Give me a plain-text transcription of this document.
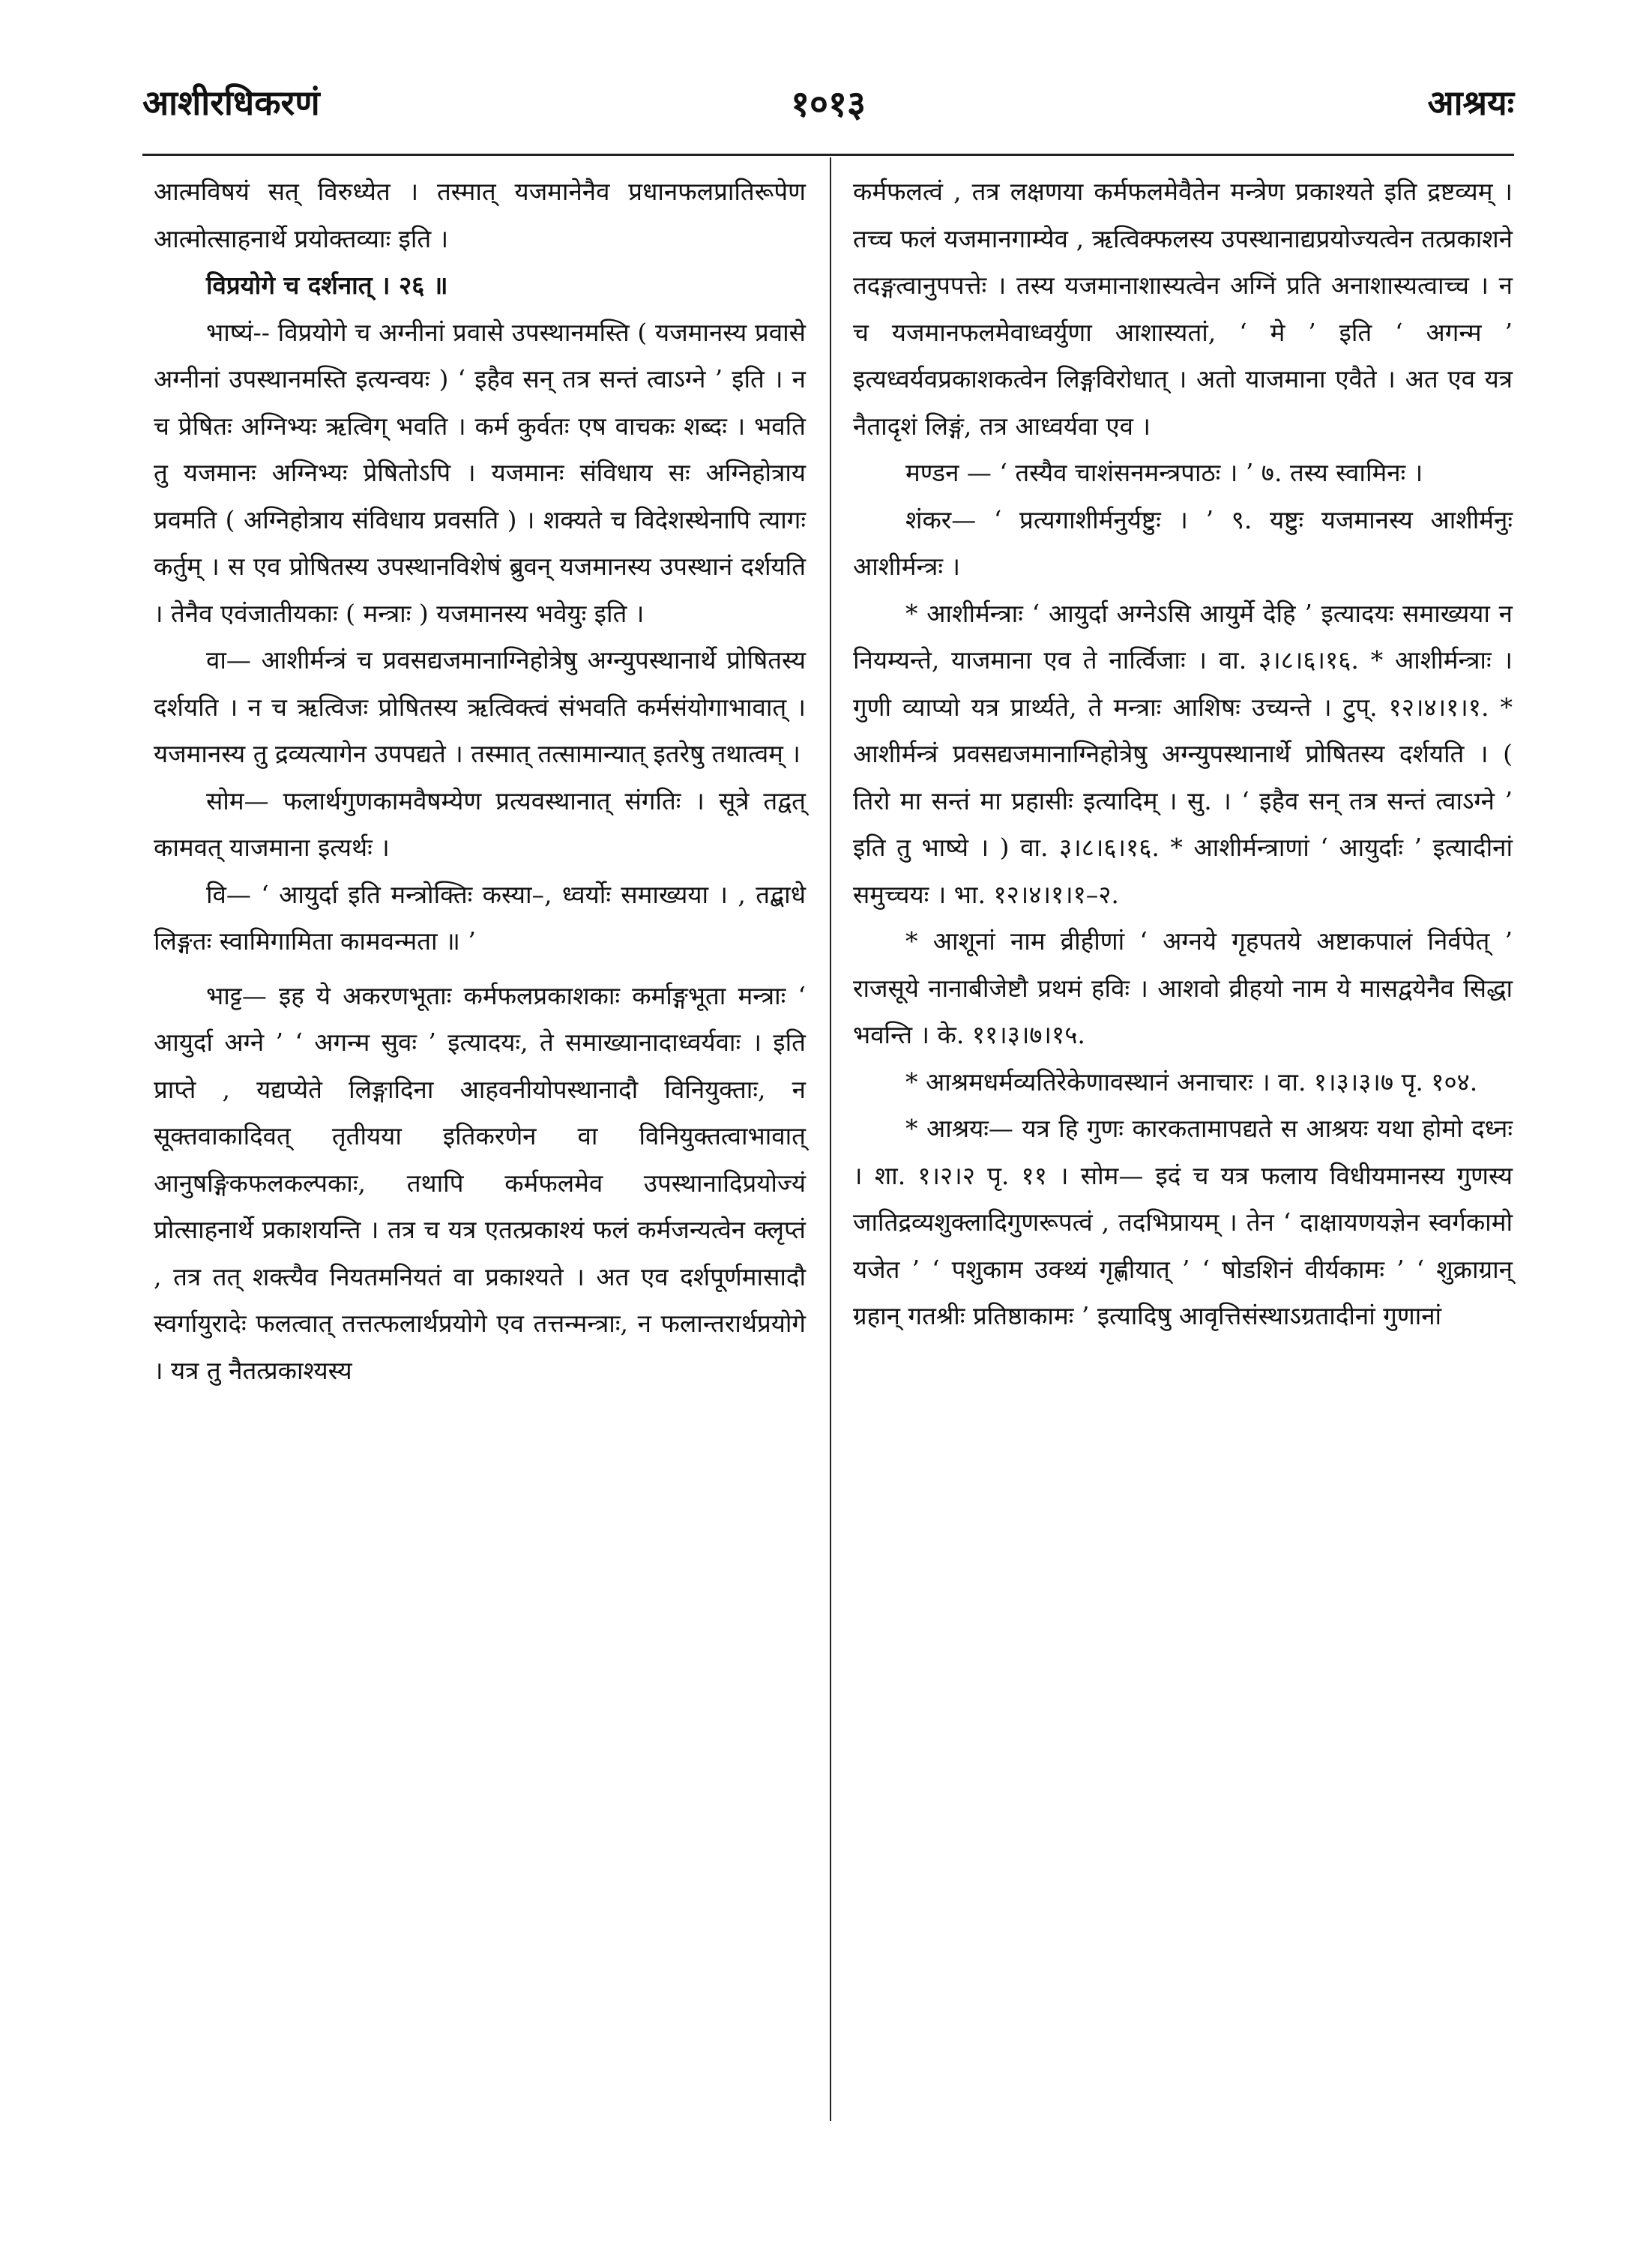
आशीरधिकरणं	१०१३	आश्रयः

आत्मविषयं सत् विरुध्येत । तस्मात् यजमानेनैव प्रधानफलप्रातिरूपेण आत्मोत्साहनार्थे प्रयोक्तव्याः इति ।

विप्रयोगे च दर्शनात् । २६ ॥

भाष्यं-- विप्रयोगे च अग्नीनां प्रवासे उपस्थानमस्ति ( यजमानस्य प्रवासे अग्नीनां उपस्थानमस्ति इत्यन्वयः ) ‘ इहैव सन् तत्र सन्तं त्वाऽग्ने ’ इति । न च प्रेषितः अग्निभ्यः ऋत्विग् भवति । कर्म कुर्वतः एष वाचकः शब्दः । भवति तु यजमानः अग्निभ्यः प्रेषितोऽपि । यजमानः संविधाय सः अग्निहोत्राय प्रवमति ( अग्निहोत्राय संविधाय प्रवसति ) । शक्यते च विदेशस्थेनापि त्यागः कर्तुम् । स एव प्रोषितस्य उपस्थानविशेषं ब्रुवन् यजमानस्य उपस्थानं दर्शयति । तेनैव एवंजातीयकाः ( मन्त्राः ) यजमानस्य भवेयुः इति ।

वा— आशीर्मन्त्रं च प्रवसद्यजमानाग्निहोत्रेषु अग्न्युपस्थानार्थे प्रोषितस्य दर्शयति । न च ऋत्विजः प्रोषितस्य ऋत्विक्त्वं संभवति कर्मसंयोगाभावात् । यजमानस्य तु द्रव्यत्यागेन उपपद्यते । तस्मात् तत्सामान्यात् इतरेषु तथात्वम् ।

सोम— फलार्थगुणकामवैषम्येण प्रत्यवस्थानात् संगतिः । सूत्रे तद्वत् कामवत् याजमाना इत्यर्थः ।

वि— ‘ आयुर्दा इति मन्त्रोक्तिः कस्या–, ध्वर्योः समाख्यया । , तद्बाधे लिङ्गतः स्वामिगामिता कामवन्मता ॥ ’

भाट्ट— इह ये अकरणभूताः कर्मफलप्रकाशकाः कर्माङ्गभूता मन्त्राः ‘ आयुर्दा अग्ने ’ ‘ अगन्म सुवः ’ इत्यादयः, ते समाख्यानादाध्वर्यवाः । इति प्राप्ते , यद्यप्येते लिङ्गादिना आहवनीयोपस्थानादौ विनियुक्ताः, न सूक्तवाकादिवत् तृतीयया इतिकरणेन वा विनियुक्तत्वाभावात् आनुषङ्गिकफलकल्पकाः, तथापि कर्मफलमेव उपस्थानादिप्रयोज्यं प्रोत्साहनार्थे प्रकाशयन्ति । तत्र च यत्र एतत्प्रकाश्यं फलं कर्मजन्यत्वेन क्लृप्तं , तत्र तत् शक्त्यैव नियतमनियतं वा प्रकाश्यते । अत एव दर्शपूर्णमासादौ स्वर्गायुरादेः फलत्वात् तत्तत्फलार्थप्रयोगे एव तत्तन्मन्त्राः, न फलान्तरार्थप्रयोगे । यत्र तु नैतत्प्रकाश्यस्य

कर्मफलत्वं , तत्र लक्षणया कर्मफलमेवैतेन मन्त्रेण प्रकाश्यते इति द्रष्टव्यम् । तच्च फलं यजमानगाम्येव , ऋत्विक्फलस्य उपस्थानाद्यप्रयोज्यत्वेन तत्प्रकाशने तदङ्गत्वानुपपत्तेः । तस्य यजमानाशास्यत्वेन अग्निं प्रति अनाशास्यत्वाच्च । न च यजमानफलमेवाध्वर्युणा आशास्यतां, ‘ मे ’ इति ‘ अगन्म ’ इत्यध्वर्यवप्रकाशकत्वेन लिङ्गविरोधात् । अतो याजमाना एवैते । अत एव यत्र नैतादृशं लिङ्गं, तत्र आध्वर्यवा एव ।

मण्डन — ‘ तस्यैव चाशंसनमन्त्रपाठः । ’ ७. तस्य स्वामिनः ।

शंकर— ‘ प्रत्यगाशीर्मनुर्यष्टुः । ’ ९. यष्टुः यजमानस्य आशीर्मनुः आशीर्मन्त्रः ।

* आशीर्मन्त्राः ‘ आयुर्दा अग्नेऽसि आयुर्मे देहि ’ इत्यादयः समाख्यया न नियम्यन्ते, याजमाना एव ते नार्त्विजाः । वा. ३।८।६।१६. * आशीर्मन्त्राः । गुणी व्याप्यो यत्र प्रार्थ्यते, ते मन्त्राः आशिषः उच्यन्ते । टुप्. १२।४।१।१. * आशीर्मन्त्रं प्रवसद्यजमानाग्निहोत्रेषु अग्न्युपस्थानार्थे प्रोषितस्य दर्शयति । ( तिरो मा सन्तं मा प्रहासीः इत्यादिम् । सु. । ‘ इहैव सन् तत्र सन्तं त्वाऽग्ने ’ इति तु भाष्ये । ) वा. ३।८।६।१६. * आशीर्मन्त्राणां ‘ आयुर्दाः ’ इत्यादीनां समुच्चयः । भा. १२।४।१।१–२.

* आशूनां नाम व्रीहीणां ‘ अग्नये गृहपतये अष्टाकपालं निर्वपेत् ’ राजसूये नानाबीजेष्टौ प्रथमं हविः । आशवो व्रीहयो नाम ये मासद्वयेनैव सिद्धा भवन्ति । के. ११।३।७।१५.

* आश्रमधर्मव्यतिरेकेणावस्थानं अनाचारः । वा. १।३।३।७ पृ. १०४.

* आश्रयः— यत्र हि गुणः कारकतामापद्यते स आश्रयः यथा होमो दध्नः । शा. १।२।२ पृ. ११ । सोम— इदं च यत्र फलाय विधीयमानस्य गुणस्य जातिद्रव्यशुक्लादिगुणरूपत्वं , तदभिप्रायम् । तेन ‘ दाक्षायणयज्ञेन स्वर्गकामो यजेत ’ ‘ पशुकाम उक्थ्यं गृह्णीयात् ’ ‘ षोडशिनं वीर्यकामः ’ ‘ शुक्राग्रान् ग्रहान् गतश्रीः प्रतिष्ठाकामः ’ इत्यादिषु आवृत्तिसंस्थाऽग्रतादीनां गुणानां
